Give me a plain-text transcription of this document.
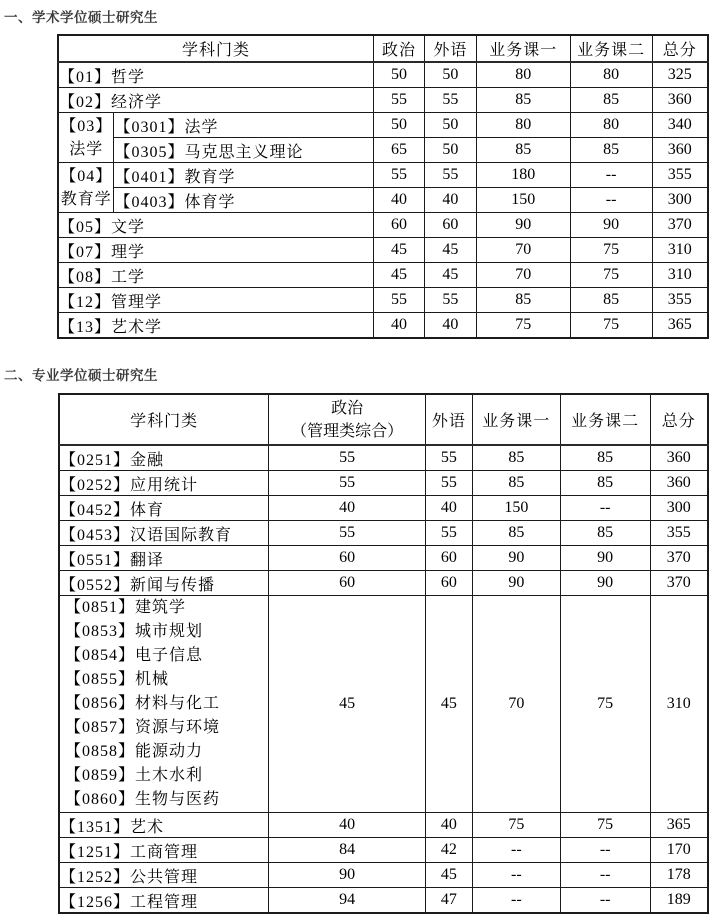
一、学术学位硕士研究生
学科门类		政治	外语	业务课一	业务课二	总分
【01】哲学		50	50	80	80	325
【02】经济学		55	55	85	85	360

【03】
法学	【0301】法学	50	50	80	80	340
	【0305】马克思主义理论	65	50	85	85	360

【04】
教育学	【0401】教育学	55	55	180	--	355
	【0403】体育学	40	40	150	--	300
【05】文学		60	60	90	90	370
【07】理学		45	45	70	75	310
【08】工学		45	45	70	75	310
【12】管理学		55	55	85	85	355
【13】艺术学		40	40	75	75	365
二、专业学位硕士研究生
学科门类	政治
（管理类综合）	外语	业务课一	业务课二	总分
【0251】金融	55	55	85	85	360
【0252】应用统计	55	55	85	85	360
【0452】体育	40	40	150	--	300
【0453】汉语国际教育	55	55	85	85	355
【0551】翻译	60	60	90	90	370
【0552】新闻与传播	60	60	90	90	370

【0851】建筑学
【0853】城市规划
【0854】电子信息
【0855】机械
【0856】材料与化工
【0857】资源与环境
【0858】能源动力
【0859】土木水利
【0860】生物与医药
	45	45	70	75	310
【1351】艺术	40	40	75	75	365
【1251】工商管理	84	42	--	--	170
【1252】公共管理	90	45	--	--	178
【1256】工程管理	94	47	--	--	189
